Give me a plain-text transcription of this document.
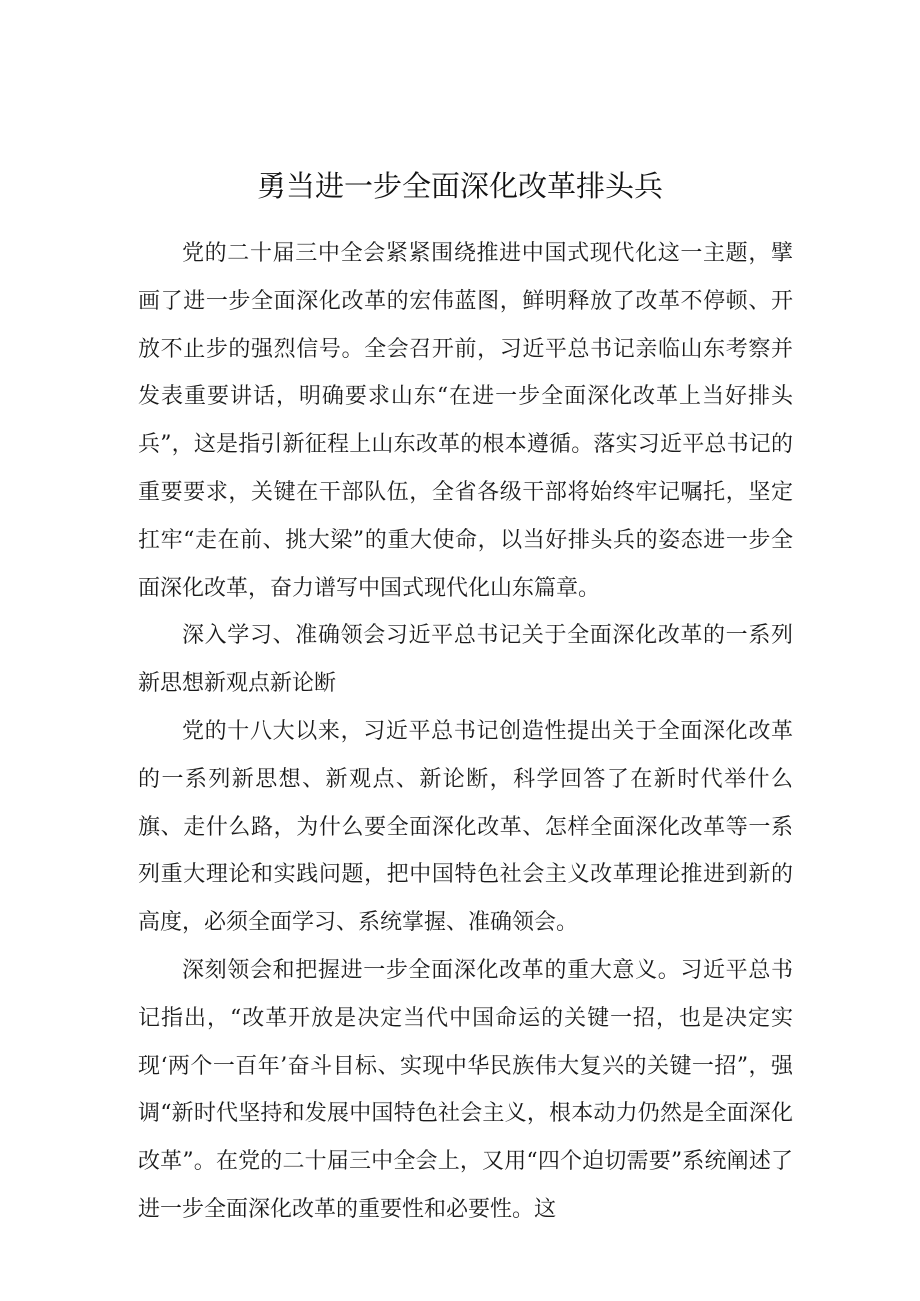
勇当进一步全面深化改革排头兵

党的二十届三中全会紧紧围绕推进中国式现代化这一主题，擘画了进一步全面深化改革的宏伟蓝图，鲜明释放了改革不停顿、开放不止步的强烈信号。全会召开前，习近平总书记亲临山东考察并发表重要讲话，明确要求山东“在进一步全面深化改革上当好排头兵”，这是指引新征程上山东改革的根本遵循。落实习近平总书记的重要要求，关键在干部队伍，全省各级干部将始终牢记嘱托，坚定扛牢“走在前、挑大梁”的重大使命，以当好排头兵的姿态进一步全面深化改革，奋力谱写中国式现代化山东篇章。

深入学习、准确领会习近平总书记关于全面深化改革的一系列新思想新观点新论断

党的十八大以来，习近平总书记创造性提出关于全面深化改革的一系列新思想、新观点、新论断，科学回答了在新时代举什么旗、走什么路，为什么要全面深化改革、怎样全面深化改革等一系列重大理论和实践问题，把中国特色社会主义改革理论推进到新的高度，必须全面学习、系统掌握、准确领会。

深刻领会和把握进一步全面深化改革的重大意义。习近平总书记指出，“改革开放是决定当代中国命运的关键一招，也是决定实现‘两个一百年’奋斗目标、实现中华民族伟大复兴的关键一招”，强调“新时代坚持和发展中国特色社会主义，根本动力仍然是全面深化改革”。在党的二十届三中全会上，又用“四个迫切需要”系统阐述了进一步全面深化改革的重要性和必要性。这
